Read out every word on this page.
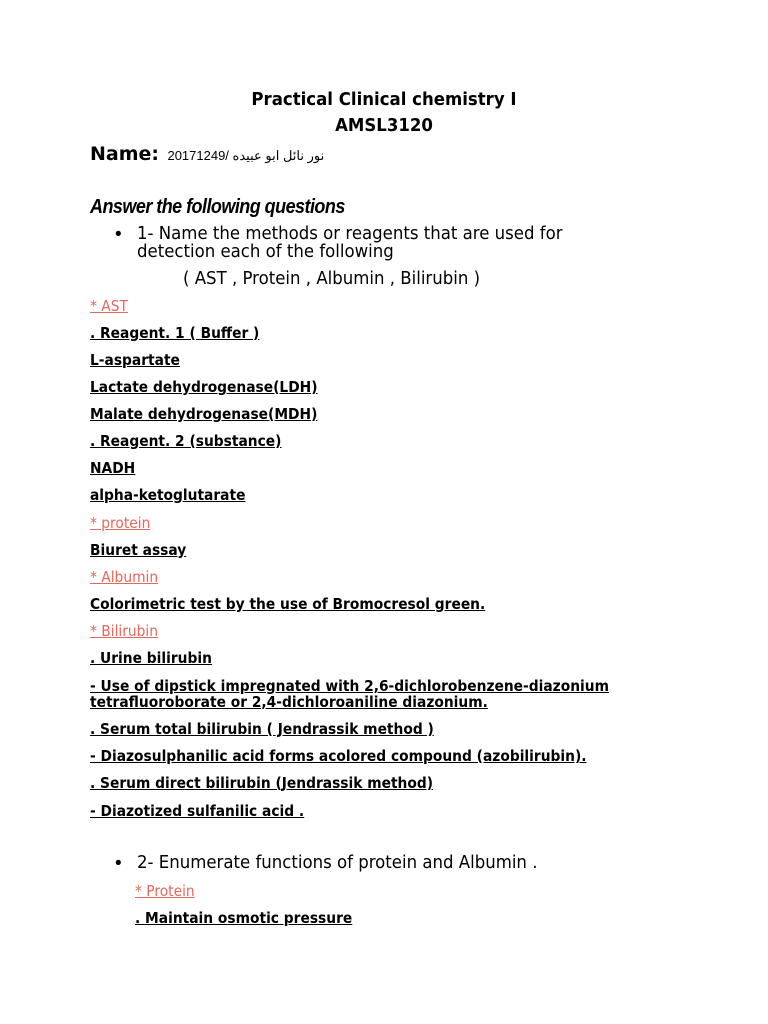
Practical Clinical chemistry I
AMSL3120
Name: 20171249/ نور نائل ابو عبيده
Answer the following questions
• 1- Name the methods or reagents that are used for
detection each of the following
( AST , Protein , Albumin , Bilirubin )
* AST
. Reagent. 1 ( Buffer )
L-aspartate
Lactate dehydrogenase(LDH)
Malate dehydrogenase(MDH)
. Reagent. 2 (substance)
NADH
alpha-ketoglutarate
* protein
Biuret assay
* Albumin
Colorimetric test by the use of Bromocresol green.
* Bilirubin
. Urine bilirubin
- Use of dipstick impregnated with 2,6-dichlorobenzene-diazonium
tetrafluoroborate or 2,4-dichloroaniline diazonium.
. Serum total bilirubin ( Jendrassik method )
- Diazosulphanilic acid forms acolored compound (azobilirubin).
. Serum direct bilirubin (Jendrassik method)
- Diazotized sulfanilic acid .
• 2- Enumerate functions of protein and Albumin .
* Protein
. Maintain osmotic pressure
